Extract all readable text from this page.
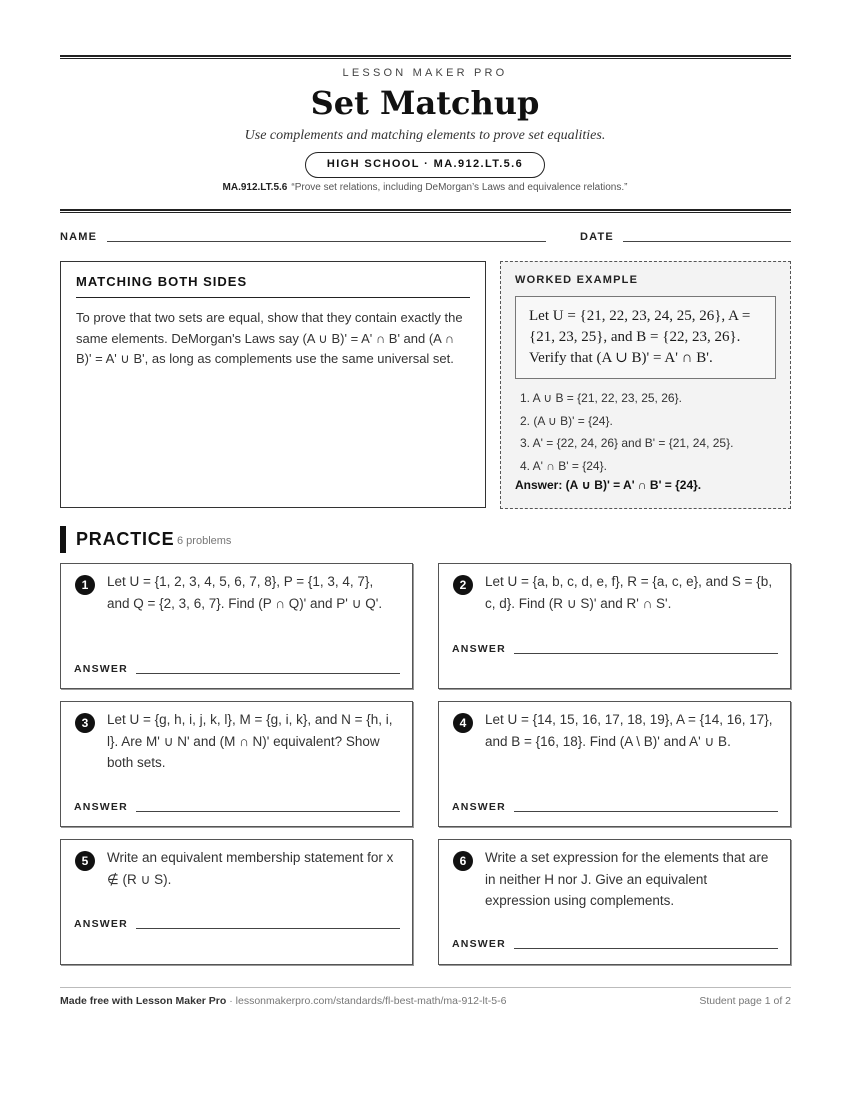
LESSON MAKER PRO
Set Matchup
Use complements and matching elements to prove set equalities.
HIGH SCHOOL · MA.912.LT.5.6
MA.912.LT.5.6 “Prove set relations, including DeMorgan’s Laws and equivalence relations.”
NAME	DATE
MATCHING BOTH SIDES
To prove that two sets are equal, show that they contain exactly the same elements. DeMorgan's Laws say (A ∪ B)' = A' ∩ B' and (A ∩ B)' = A' ∪ B', as long as complements use the same universal set.
WORKED EXAMPLE
Let U = {21, 22, 23, 24, 25, 26}, A = {21, 23, 25}, and B = {22, 23, 26}. Verify that (A ∪ B)' = A' ∩ B'.
1. A ∪ B = {21, 22, 23, 25, 26}.
2. (A ∪ B)' = {24}.
3. A' = {22, 24, 26} and B' = {21, 24, 25}.
4. A' ∩ B' = {24}.
Answer: (A ∪ B)' = A' ∩ B' = {24}.
PRACTICE 6 problems
1	Let U = {1, 2, 3, 4, 5, 6, 7, 8}, P = {1, 3, 4, 7}, and Q = {2, 3, 6, 7}. Find (P ∩ Q)' and P' ∪ Q'.
ANSWER
2	Let U = {a, b, c, d, e, f}, R = {a, c, e}, and S = {b, c, d}. Find (R ∪ S)' and R' ∩ S'.
ANSWER
3	Let U = {g, h, i, j, k, l}, M = {g, i, k}, and N = {h, i, l}. Are M' ∪ N' and (M ∩ N)' equivalent? Show both sets.
ANSWER
4	Let U = {14, 15, 16, 17, 18, 19}, A = {14, 16, 17}, and B = {16, 18}. Find (A \ B)' and A' ∪ B.
ANSWER
5	Write an equivalent membership statement for x ∉ (R ∪ S).
ANSWER
6	Write a set expression for the elements that are in neither H nor J. Give an equivalent expression using complements.
ANSWER
Made free with Lesson Maker Pro · lessonmakerpro.com/standards/fl-best-math/ma-912-lt-5-6	Student page 1 of 2
